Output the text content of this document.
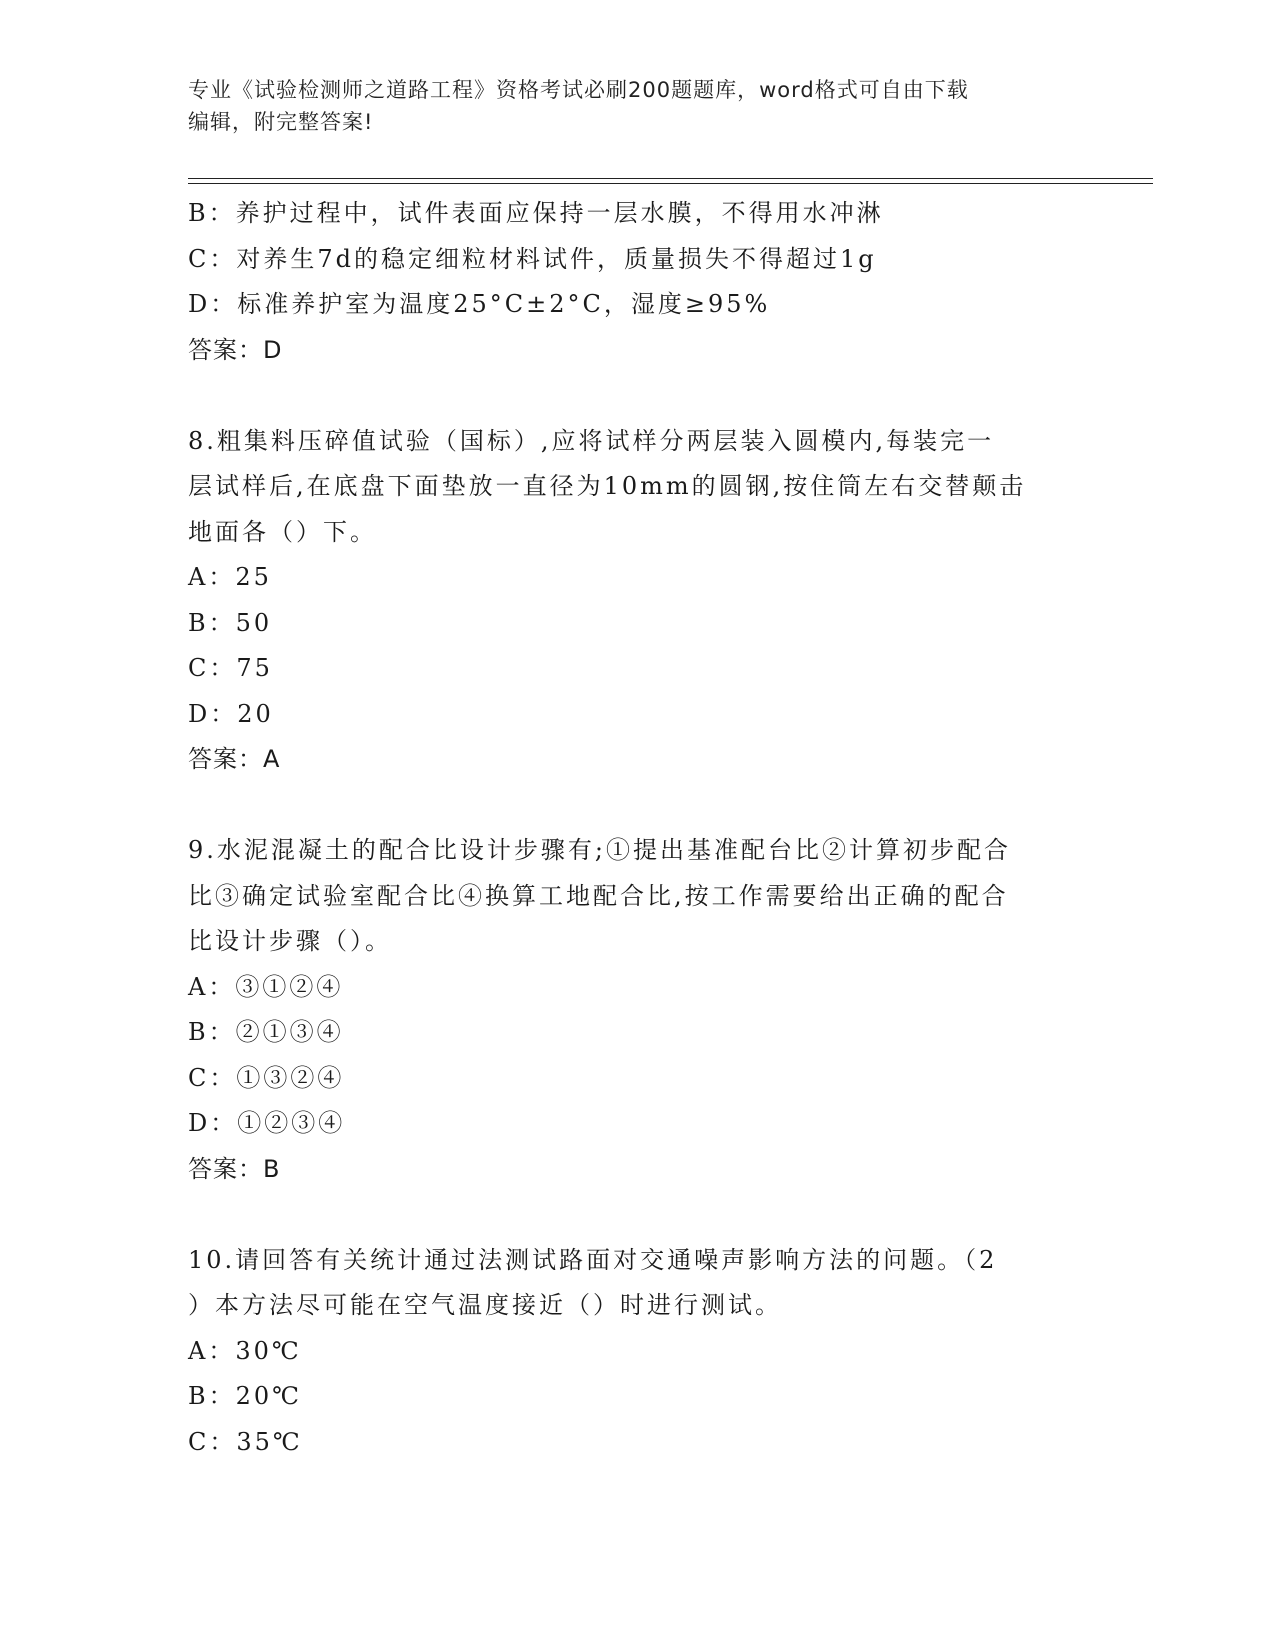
专业《试验检测师之道路工程》资格考试必刷200题题库，word格式可自由下载
编辑，附完整答案!
B：养护过程中，试件表面应保持一层水膜，不得用水冲淋
C：对养生7d的稳定细粒材料试件，质量损失不得超过1g
D：标准养护室为温度25°C±2°C，湿度≥95%
答案：D
8.粗集料压碎值试验（国标）,应将试样分两层装入圆模内,每装完一
层试样后,在底盘下面垫放一直径为10mm的圆钢,按住筒左右交替颠击
地面各（）下。
A：25
B：50
C：75
D：20
答案：A
9.水泥混凝土的配合比设计步骤有;①提出基准配台比②计算初步配合
比③确定试验室配合比④换算工地配合比,按工作需要给出正确的配合
比设计步骤（）。
A：③①②④
B：②①③④
C：①③②④
D：①②③④
答案：B
10.请回答有关统计通过法测试路面对交通噪声影响方法的问题。（2
）本方法尽可能在空气温度接近（）时进行测试。
A：30℃
B：20℃
C：35℃
